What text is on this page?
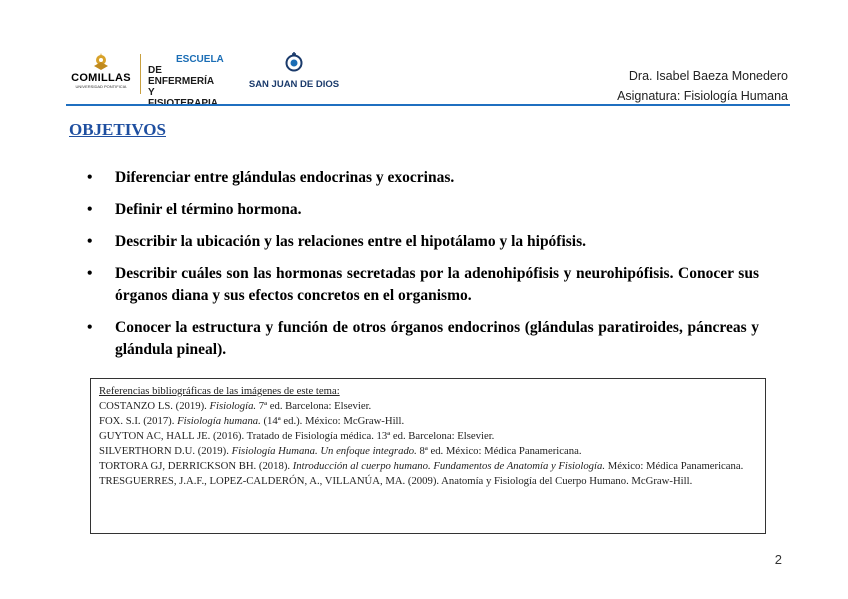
COMILLAS
UNIVERSIDAD PONTIFICIA
ESCUELA
DE ENFERMERÍA
Y
SAN JUAN DE DIOS
Dra. Isabel Baeza Monedero
Asignatura: Fisiología Humana
OBJETIVOS
• Diferenciar entre glándulas endocrinas y exocrinas.
• Definir el término hormona.
• Describir la ubicación y las relaciones entre el hipotálamo y la hipófisis.
• Describir cuáles son las hormonas secretadas por la adenohipófisis y neurohipófisis. Conocer sus órganos diana y sus efectos concretos en el organismo.
• Conocer la estructura y función de otros órganos endocrinos (glándulas paratiroides, páncreas y glándula pineal).
Referencias bibliográficas de las imágenes de este tema:
COSTANZO LS. (2019). Fisiología. 7ª ed. Barcelona: Elsevier.
FOX. S.I. (2017). Fisiología humana. (14ª ed.). México: McGraw-Hill.
GUYTON AC, HALL JE. (2016). Tratado de Fisiología médica. 13ª ed. Barcelona: Elsevier.
SILVERTHORN D.U. (2019). Fisiología Humana. Un enfoque integrado. 8ª ed. México: Médica Panamericana.
TORTORA GJ, DERRICKSON BH. (2018). Introducción al cuerpo humano. Fundamentos de Anatomía y Fisiología. México: Médica Panamericana.
TRESGUERRES, J.A.F., LOPEZ-CALDERÓN, A., VILLANÚA, MA. (2009). Anatomía y Fisiología del Cuerpo Humano. McGraw-Hill.
2
